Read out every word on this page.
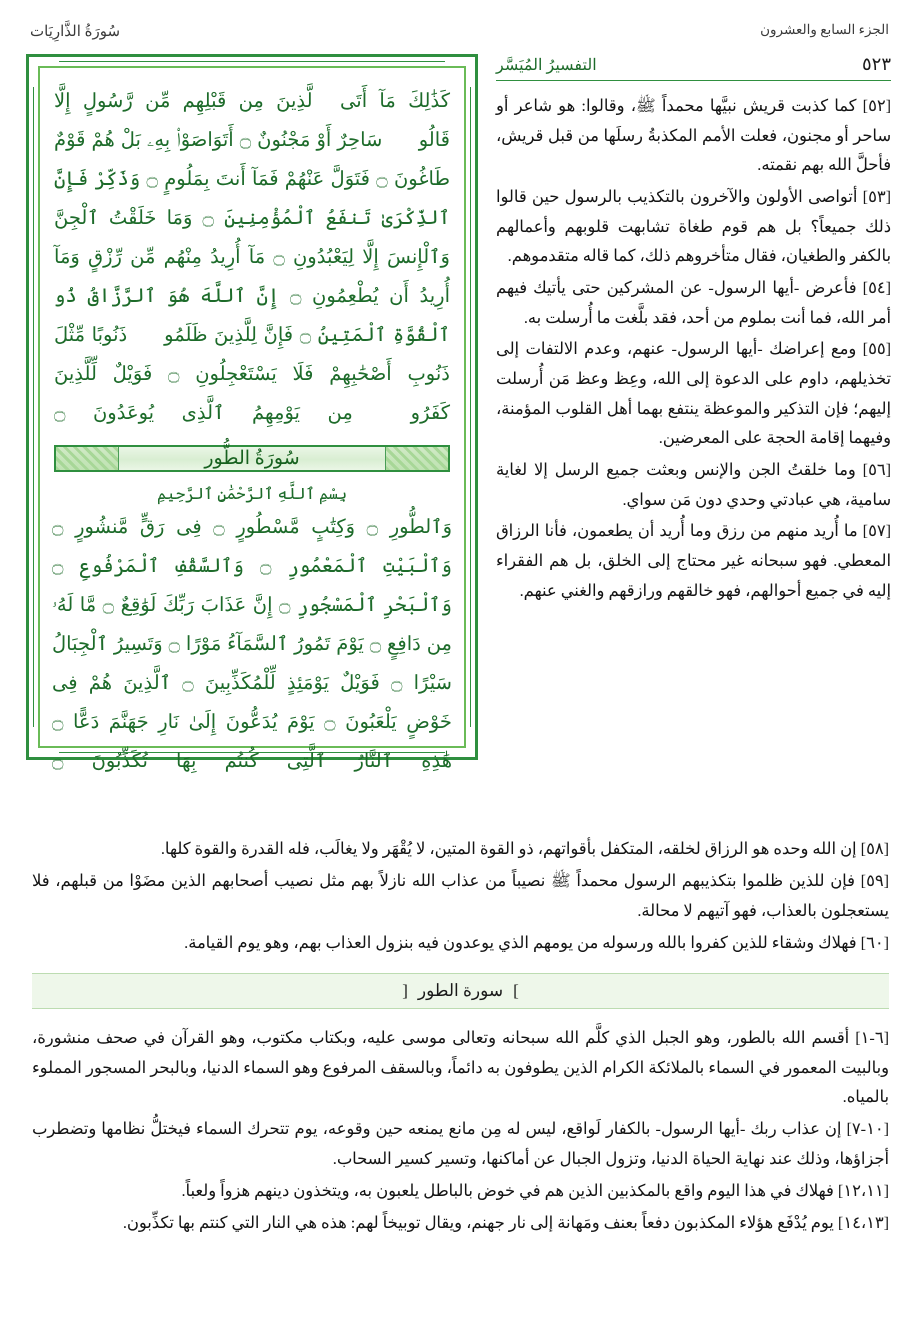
سُورَةُ الذَّارِيَات	الجزء السابع والعشرون
التفسيرُ المُيَسَّر	٥٢٣

[٥٢] كما كذبت قريش نبيَّها محمداً ﷺ، وقالوا: هو شاعر أو ساحر أو مجنون، فعلت الأمم المكذبةُ رسلَها من قبل قريش، فأحلَّ الله بهم نقمته.

[٥٣] أتواصى الأولون والآخرون بالتكذيب بالرسول حين قالوا ذلك جميعاً؟ بل هم قوم طغاة تشابهت قلوبهم وأعمالهم بالكفر والطغيان، فقال متأخروهم ذلك، كما قاله متقدموهم.

[٥٤] فأعرض -أيها الرسول- عن المشركين حتى يأتيك فيهم أمر الله، فما أنت بملوم من أحد، فقد بلَّغت ما أُرسلت به.

[٥٥] ومع إعراضك -أيها الرسول- عنهم، وعدم الالتفات إلى تخذيلهم، داوم على الدعوة إلى الله، وعِظ وعظ مَن أُرسلت إليهم؛ فإن التذكير والموعظة ينتفع بهما أهل القلوب المؤمنة، وفيهما إقامة الحجة على المعرضين.

[٥٦] وما خلقتُ الجن والإنس وبعثت جميع الرسل إلا لغاية سامية، هي عبادتي وحدي دون مَن سواي.

[٥٧] ما أُريد منهم من رزق وما أُريد أن يطعمون، فأنا الرزاق المعطي. فهو سبحانه غير محتاج إلى الخلق، بل هم الفقراء إليه في جميع أحوالهم، فهو خالقهم ورازقهم والغني عنهم.

كَذَٰلِكَ مَآ أَتَى ٱلَّذِينَ مِن قَبْلِهِم مِّن رَّسُولٍ إِلَّا قَالُوا۟ سَاحِرٌ أَوْ مَجْنُونٌ ۝ أَتَوَاصَوْا۟ بِهِۦ بَلْ هُمْ قَوْمٌ طَاغُونَ ۝ فَتَوَلَّ عَنْهُمْ فَمَآ أَنتَ بِمَلُومٍ ۝ وَذَكِّرْ فَإِنَّ ٱلذِّكْرَىٰ تَنفَعُ ٱلْمُؤْمِنِينَ ۝ وَمَا خَلَقْتُ ٱلْجِنَّ وَٱلْإِنسَ إِلَّا لِيَعْبُدُونِ ۝ مَآ أُرِيدُ مِنْهُم مِّن رِّزْقٍ وَمَآ أُرِيدُ أَن يُطْعِمُونِ ۝ إِنَّ ٱللَّهَ هُوَ ٱلرَّزَّاقُ ذُو ٱلْقُوَّةِ ٱلْمَتِينُ ۝ فَإِنَّ لِلَّذِينَ ظَلَمُوا۟ ذَنُوبًا مِّثْلَ ذَنُوبِ أَصْحَٰبِهِمْ فَلَا يَسْتَعْجِلُونِ ۝ فَوَيْلٌ لِّلَّذِينَ كَفَرُوا۟ مِن يَوْمِهِمُ ٱلَّذِى يُوعَدُونَ ۝
سُورَةُ الطُّور
بِسْمِ ٱللَّهِ ٱلرَّحْمَٰنِ ٱلرَّحِيمِ
وَٱلطُّورِ ۝ وَكِتَٰبٍ مَّسْطُورٍ ۝ فِى رَقٍّ مَّنشُورٍ ۝ وَٱلْبَيْتِ ٱلْمَعْمُورِ ۝ وَٱلسَّقْفِ ٱلْمَرْفُوعِ ۝ وَٱلْبَحْرِ ٱلْمَسْجُورِ ۝ إِنَّ عَذَابَ رَبِّكَ لَوَٰقِعٌ ۝ مَّا لَهُۥ مِن دَافِعٍ ۝ يَوْمَ تَمُورُ ٱلسَّمَآءُ مَوْرًا ۝ وَتَسِيرُ ٱلْجِبَالُ سَيْرًا ۝ فَوَيْلٌ يَوْمَئِذٍ لِّلْمُكَذِّبِينَ ۝ ٱلَّذِينَ هُمْ فِى خَوْضٍ يَلْعَبُونَ ۝ يَوْمَ يُدَعُّونَ إِلَىٰ نَارِ جَهَنَّمَ دَعًّا ۝ هَٰذِهِ ٱلنَّارُ ٱلَّتِى كُنتُم بِهَا تُكَذِّبُونَ ۝

[٥٨] إن الله وحده هو الرزاق لخلقه، المتكفل بأقواتهم، ذو القوة المتين، لا يُقْهَر ولا يغالَب، فله القدرة والقوة كلها.

[٥٩] فإن للذين ظلموا بتكذيبهم الرسول محمداً ﷺ نصيباً من عذاب الله نازلاً بهم مثل نصيب أصحابهم الذين مضَوْا من قبلهم، فلا يستعجلون بالعذاب، فهو آتيهم لا محالة.

[٦٠] فهلاك وشقاء للذين كفروا بالله ورسوله من يومهم الذي يوعدون فيه بنزول العذاب بهم، وهو يوم القيامة.

]
سورة الطور
[

[٦-١] أقسم الله بالطور، وهو الجبل الذي كلَّم الله سبحانه وتعالى موسى عليه، وبكتاب مكتوب، وهو القرآن في صحف منشورة، وبالبيت المعمور في السماء بالملائكة الكرام الذين يطوفون به دائماً، وبالسقف المرفوع وهو السماء الدنيا، وبالبحر المسجور المملوء بالمياه.

[١٠-٧] إن عذاب ربك -أيها الرسول- بالكفار لَواقع، ليس له مِن مانع يمنعه حين وقوعه، يوم تتحرك السماء فيختلُّ نظامها وتضطرب أجزاؤها، وذلك عند نهاية الحياة الدنيا، وتزول الجبال عن أماكنها، وتسير كسير السحاب.

[١٢،١١] فهلاك في هذا اليوم واقع بالمكذبين الذين هم في خوض بالباطل يلعبون به، ويتخذون دينهم هزواً ولعباً.

[١٤،١٣] يوم يُدْفَع هؤلاء المكذبون دفعاً بعنف ومَهانة إلى نار جهنم، ويقال توبيخاً لهم: هذه هي النار التي كنتم بها تكذِّبون.
